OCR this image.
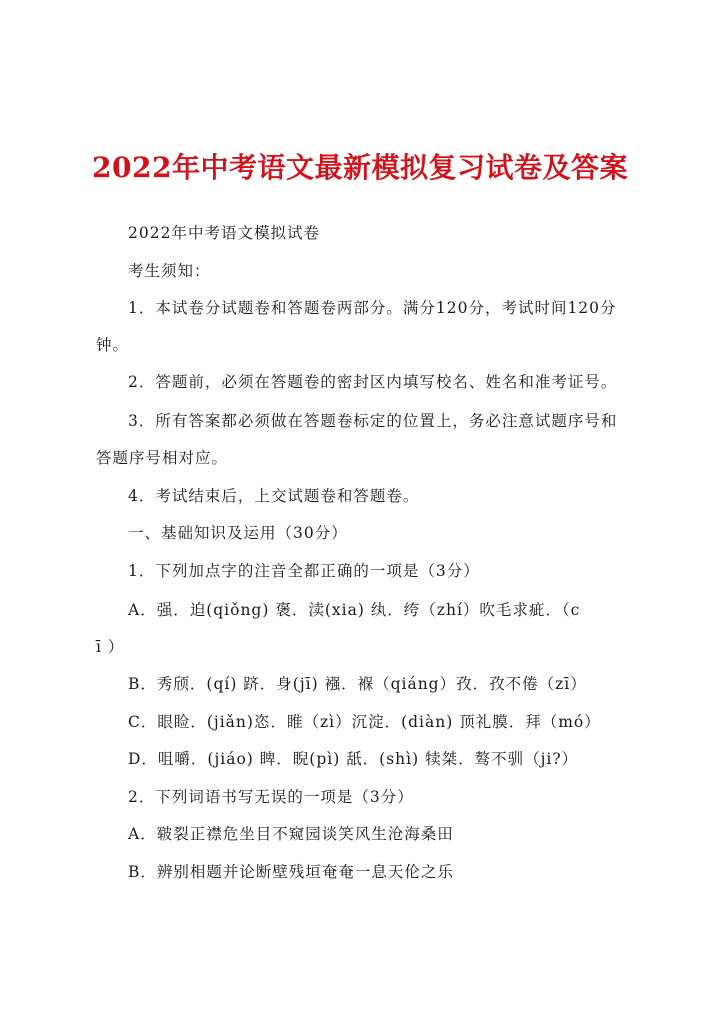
2022年中考语文最新模拟复习试卷及答案
2022年中考语文模拟试卷
考生须知：
1．本试卷分试题卷和答题卷两部分。满分120分，考试时间120分
钟。
2．答题前，必须在答题卷的密封区内填写校名、姓名和准考证号。
3．所有答案都必须做在答题卷标定的位置上，务必注意试题序号和
答题序号相对应。
4．考试结束后，上交试题卷和答题卷。
一、基础知识及运用（30分）
1．下列加点字的注音全都正确的一项是（3分）
A．强．迫(qiǒng) 褒．渎(xia) 纨．绔（zhí）吹毛求疵．（c
ī ）
B．秀颀．(qí) 跻．身(jī) 襁．褓（qiáng）孜．孜不倦（zī）
C．眼睑．(jiǎn)恣．睢（zì）沉淀．(diàn) 顶礼膜．拜（mó）
D．咀嚼．(jiáo) 睥．睨(pì) 舐．(shì) 犊桀．骜不驯（ji?）
2．下列词语书写无误的一项是（3分）
A．皲裂正襟危坐目不窥园谈笑风生沧海桑田
B．辨别相题并论断壁残垣奄奄一息天伦之乐
